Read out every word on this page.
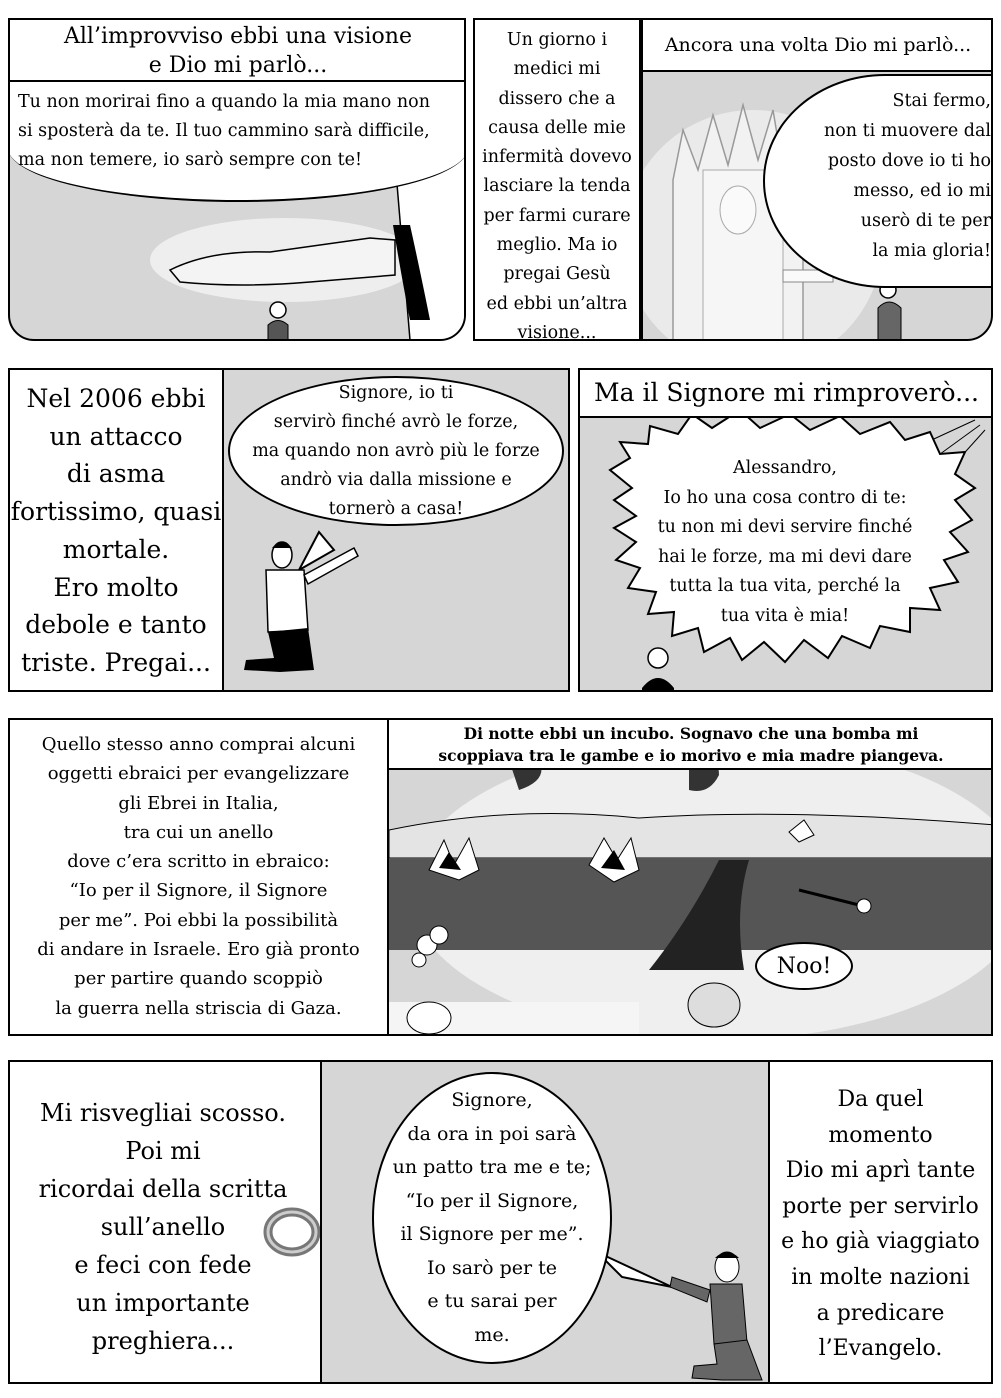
All’improvviso ebbi una visione
e Dio mi parlò...
Tu non morirai fino a quando la mia mano non
si sposterà da te. Il tuo cammino sarà difficile,
ma non temere, io sarò sempre con te!
Un giorno i
medici mi
dissero che a
causa delle mie
infermità dovevo
lasciare la tenda
per farmi curare
meglio. Ma io
pregai Gesù
ed ebbi un’altra
visione...
Ancora una volta Dio mi parlò...
Stai fermo,
non ti muovere dal
posto dove io ti ho
messo, ed io mi
userò di te per
la mia gloria!
Nel 2006 ebbi
un attacco
di asma
fortissimo, quasi
mortale.
Ero molto
debole e tanto
triste. Pregai...
Signore, io ti
servirò finché avrò le forze,
ma quando non avrò più le forze
andrò via dalla missione e
tornerò a casa!
Ma il Signore mi rimproverò...
Alessandro,
Io ho una cosa contro di te:
tu non mi devi servire finché
hai le forze, ma mi devi dare
tutta la tua vita, perché la
tua vita è mia!
Quello stesso anno comprai alcuni
oggetti ebraici per evangelizzare
gli Ebrei in Italia,
tra cui un anello
dove c’era scritto in ebraico:
“Io per il Signore, il Signore
per me”. Poi ebbi la possibilità
di andare in Israele. Ero già pronto
per partire quando scoppiò
la guerra nella striscia di Gaza.
Di notte ebbi un incubo. Sognavo che una bomba mi
scoppiava tra le gambe e io morivo e mia madre piangeva.
Noo!
Mi risvegliai scosso.
Poi mi
ricordai della scritta
sull’anello
e feci con fede
un importante
preghiera...
Signore,
da ora in poi sarà
un patto tra me e te;
“Io per il Signore,
il Signore per me”.
Io sarò per te
e tu sarai per
me.
Da quel
momento
Dio mi aprì tante
porte per servirlo
e ho già viaggiato
in molte nazioni
a predicare
l’Evangelo.
